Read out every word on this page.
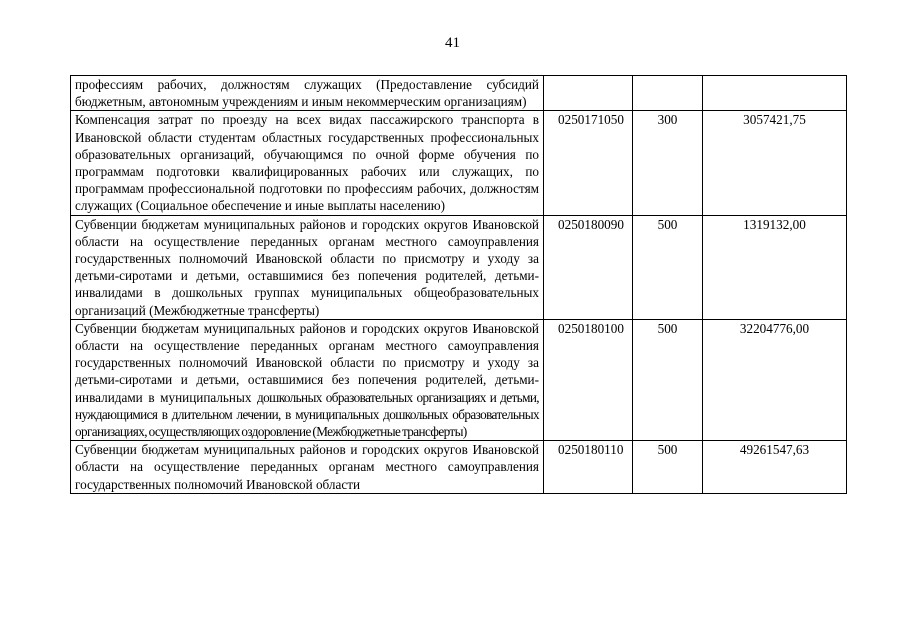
41
профессиям рабочих, должностям служащих (Предоставление субсидий бюджетным, автономным учреждениям и иным некоммерческим организациям)			
Компенсация затрат по проезду на всех видах пассажирского транспорта в Ивановской области студентам областных государственных профессиональных образовательных организаций, обучающимся по очной форме обучения по программам подготовки квалифицированных рабочих или служащих, по программам профессиональной подготовки по профессиям рабочих, должностям служащих (Социальное обеспечение и иные выплаты населению)	0250171050	300	3057421,75
Субвенции бюджетам муниципальных районов и городских округов Ивановской области на осуществление переданных органам местного самоуправления государственных полномочий Ивановской области по присмотру и уходу за детьми-сиротами и детьми, оставшимися без попечения родителей, детьми-инвалидами в дошкольных группах муниципальных общеобразовательных организаций (Межбюджетные трансферты)	0250180090	500	1319132,00
Субвенции бюджетам муниципальных районов и городских округов Ивановской области на осуществление переданных органам местного самоуправления государственных полномочий Ивановской области по присмотру и уходу за детьми-сиротами и детьми, оставшимися без попечения родителей, детьми-инвалидами в муниципальных дошкольных образовательных организациях и детьми, нуждающимися в длительном лечении, в муниципальных дошкольных образовательных организациях, осуществляющих оздоровление (Межбюджетные трансферты)	0250180100	500	32204776,00
Субвенции бюджетам муниципальных районов и городских округов Ивановской области на осуществление переданных органам местного самоуправления государственных полномочий Ивановской области	0250180110	500	49261547,63
